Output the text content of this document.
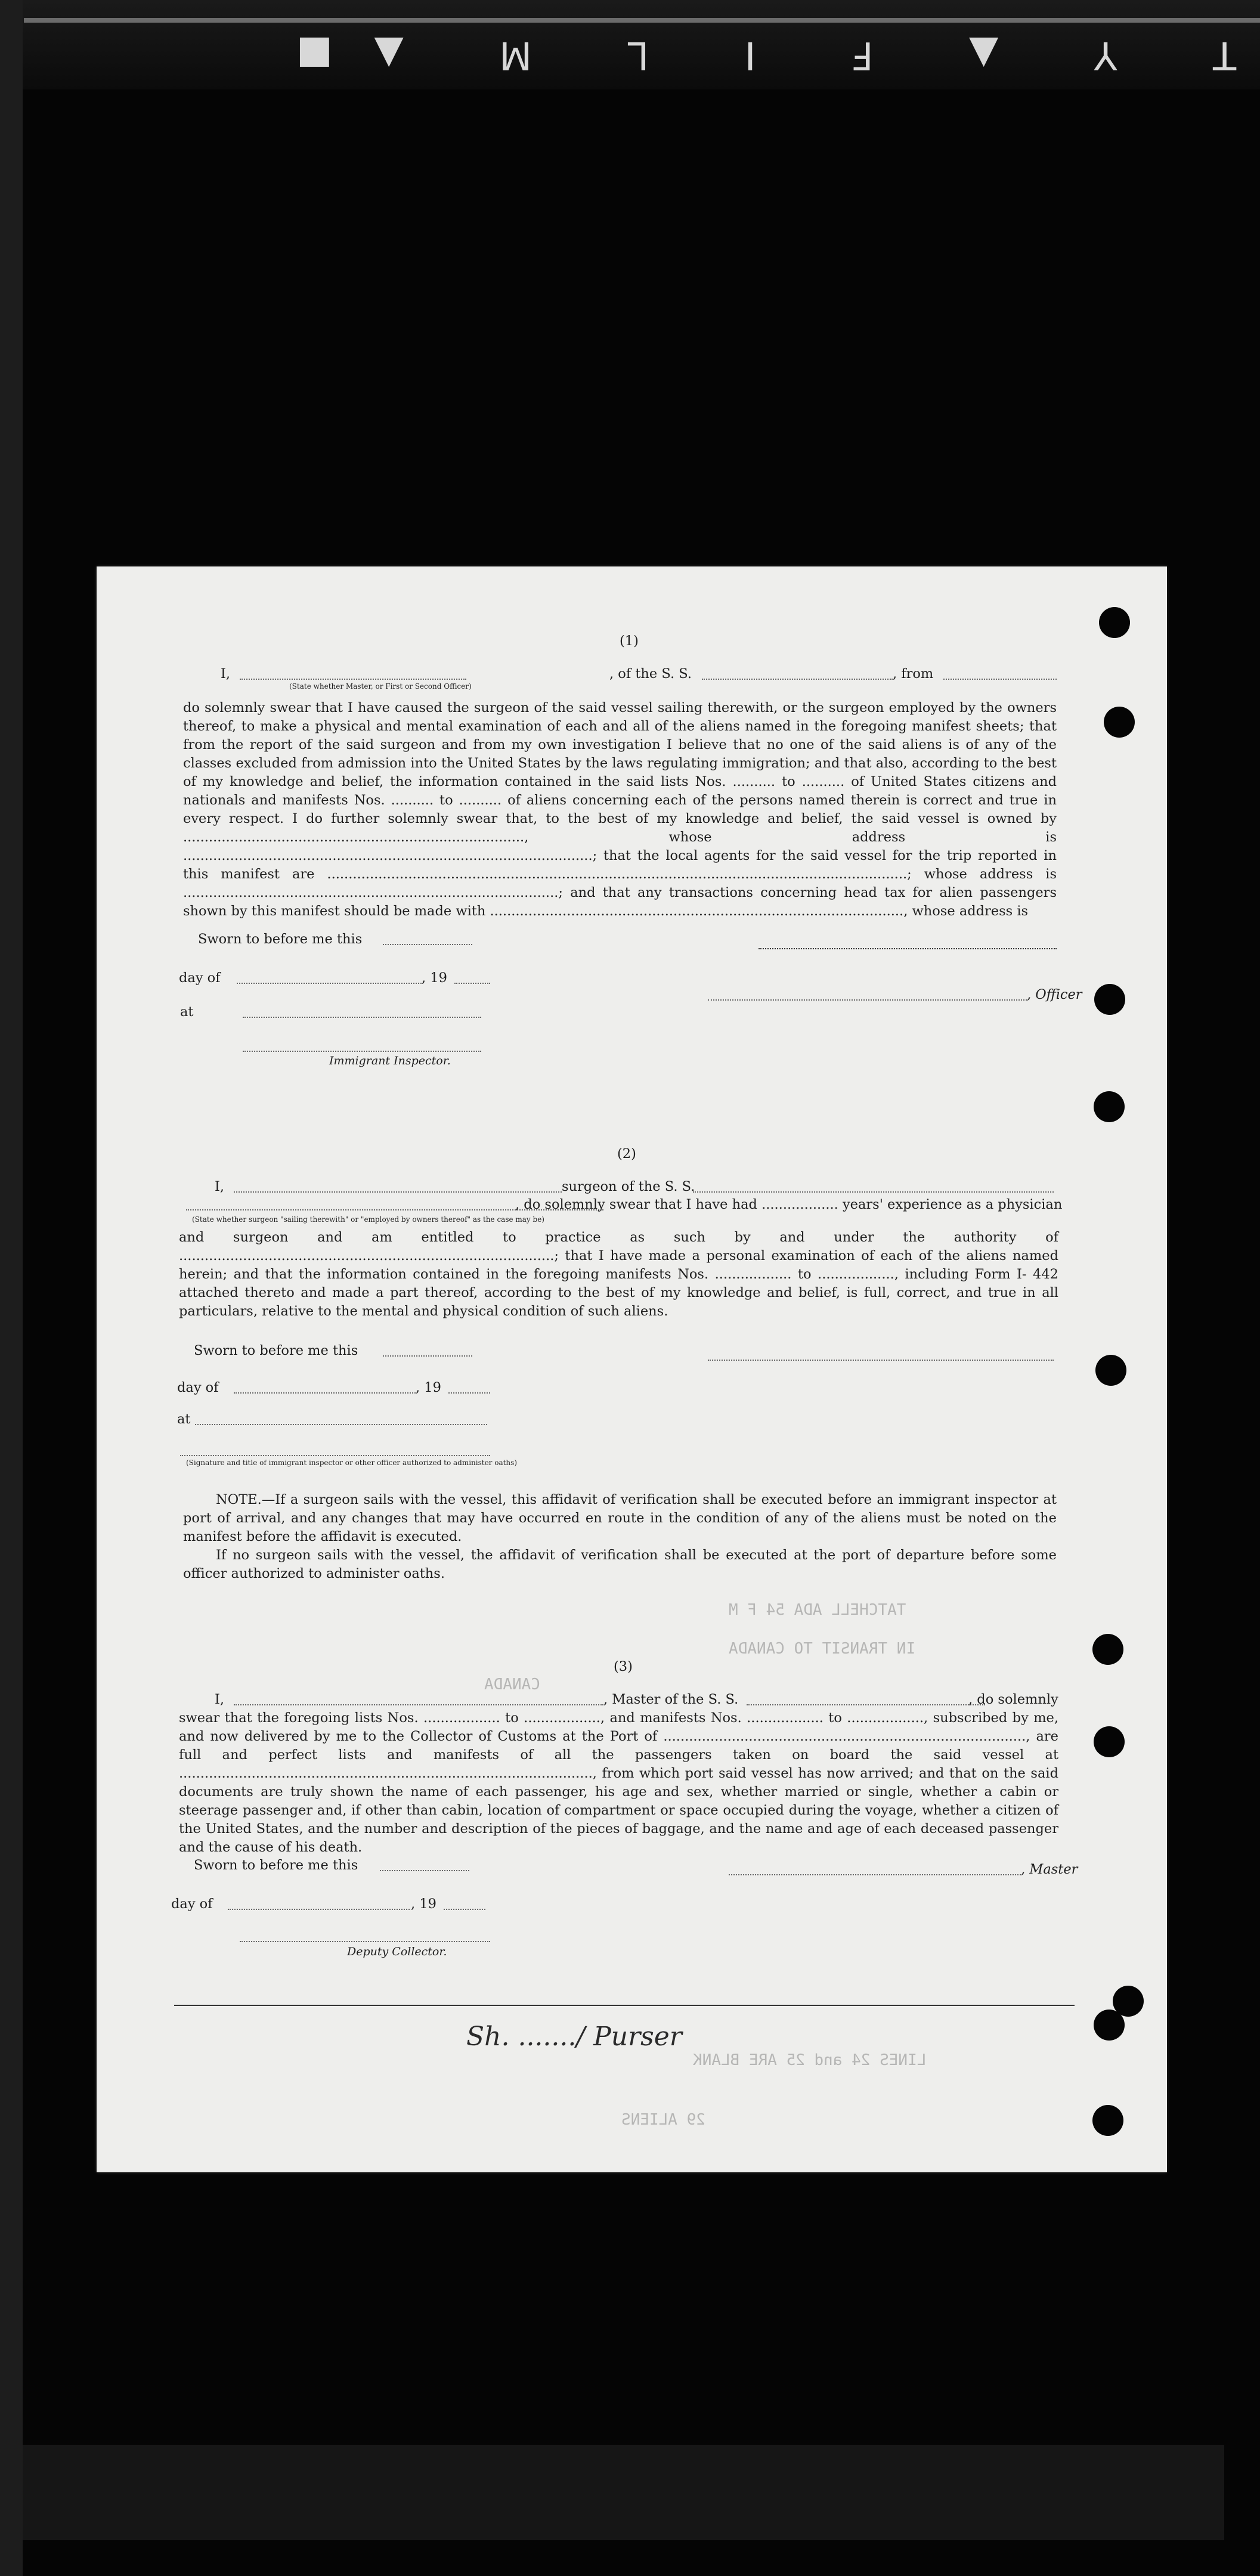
T Y ▲ F I L M ▲■
TATCHELL ADA 54 F M
IN TRANSIT TO CANADA
CANADA
LINES 24 and 25 ARE BLANK
29 ALIENS
(1)
I,
(State whether Master, or First or Second Officer)
, of the S. S.	, from
do solemnly swear that I have caused the surgeon of the said vessel sailing therewith, or the surgeon employed by the owners thereof, to make a physical and mental examination of each and all of the aliens named in the foregoing manifest sheets; that from the report of the said surgeon and from my own investigation I believe that no one of the said aliens is of any of the classes excluded from admission into the United States by the laws regulating immigration; and that also, according to the best of my knowledge and belief, the information contained in the said lists Nos. .......... to .......... of United States citizens and nationals and manifests Nos. .......... to .......... of aliens concerning each of the persons named therein is correct and true in every respect. I do further solemnly swear that, to the best of my knowledge and belief, the said vessel is owned by ................................................................................, whose address is ................................................................................................; that the local agents for the said vessel for the trip reported in this manifest are ........................................................................................................................................; whose address is ........................................................................................; and that any transactions concerning head tax for alien passengers shown by this manifest should be made with ................................................................................................., whose address is
Sworn to before me this
day of	, 19
, Officer
at
Immigrant Inspector.
(2)
I,	surgeon of the S. S.
, do solemnly swear that I have had .................. years' experience as a physician
(State whether surgeon "sailing therewith" or "employed by owners thereof" as the case may be)
and surgeon and am entitled to practice as such by and under the authority of ........................................................................................; that I have made a personal examination of each of the aliens named herein; and that the information contained in the foregoing manifests Nos. .................. to .................., including Form I- 442 attached thereto and made a part thereof, according to the best of my knowledge and belief, is full, correct, and true in all particulars, relative to the mental and physical condition of such aliens.
Sworn to before me this
day of	, 19
at
(Signature and title of immigrant inspector or other officer authorized to administer oaths)
NOTE.—If a surgeon sails with the vessel, this affidavit of verification shall be executed before an immigrant inspector at port of arrival, and any changes that may have occurred en route in the condition of any of the aliens must be noted on the manifest before the affidavit is executed.
If no surgeon sails with the vessel, the affidavit of verification shall be executed at the port of departure before some officer authorized to administer oaths.
(3)
I,	, Master of the S. S.	, do solemnly
swear that the foregoing lists Nos. .................. to .................., and manifests Nos. .................. to .................., subscribed by me, and now delivered by me to the Collector of Customs at the Port of ....................................................................................., are full and perfect lists and manifests of all the passengers taken on board the said vessel at ................................................................................................., from which port said vessel has now arrived; and that on the said documents are truly shown the name of each passenger, his age and sex, whether married or single, whether a cabin or steerage passenger and, if other than cabin, location of compartment or space occupied during the voyage, whether a citizen of the United States, and the number and description of the pieces of baggage, and the name and age of each deceased passenger and the cause of his death.
Sworn to before me this	, Master
day of	, 19
Deputy Collector.
Sh. ......./ Purser
